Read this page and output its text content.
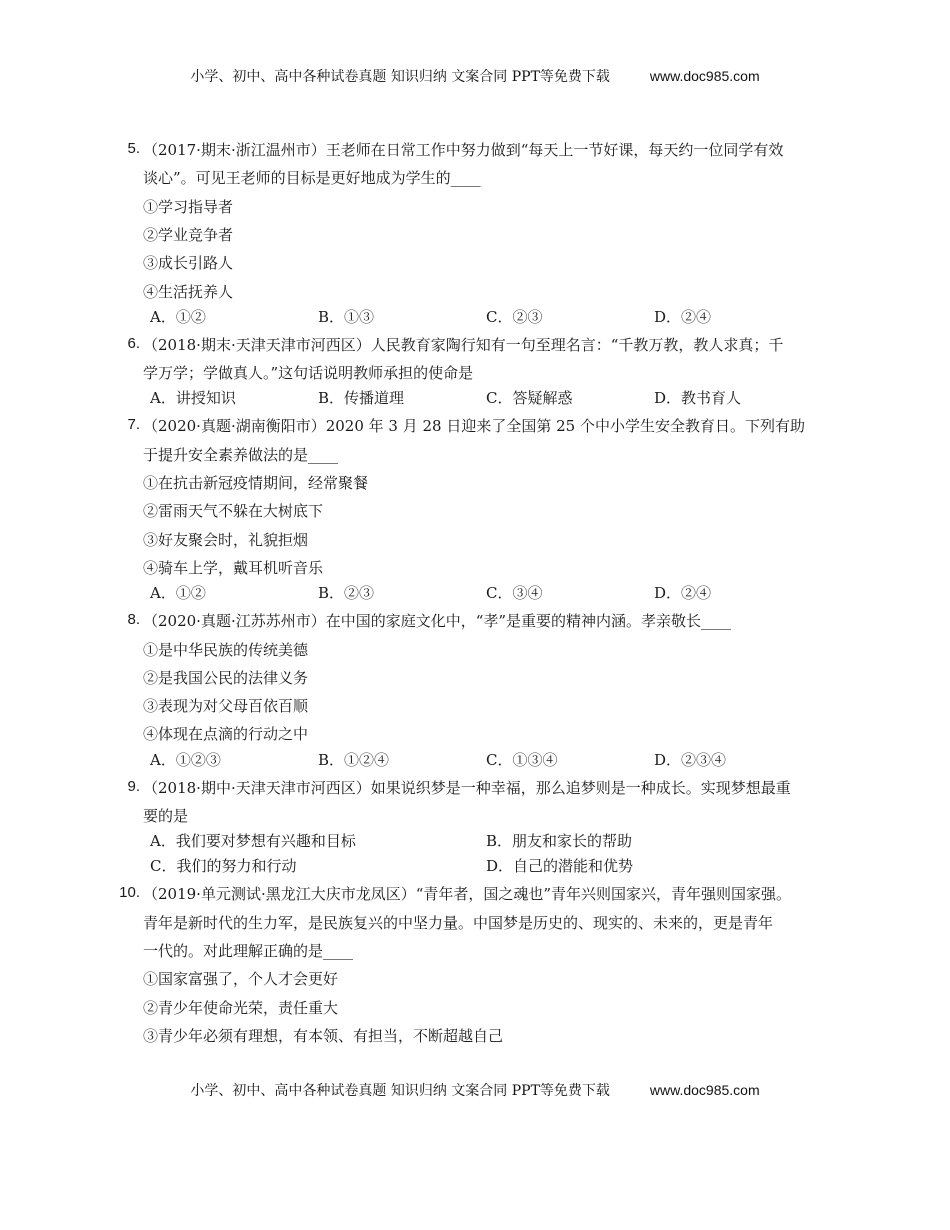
小学、初中、高中各种试卷真题 知识归纳 文案合同 PPT等免费下载	www.doc985.com
5. （2017·期末·浙江温州市）王老师在日常工作中努力做到“每天上一节好课，每天约一位同学有效
谈心”。可见王老师的目标是更好地成为学生的____
①学习指导者
②学业竞争者
③成长引路人
④生活抚养人
A．①②	B．①③	C．②③	D．②④
6. （2018·期末·天津天津市河西区）人民教育家陶行知有一句至理名言：“千教万教，教人求真；千
学万学；学做真人。”这句话说明教师承担的使命是
A．讲授知识	B．传播道理	C．答疑解惑	D．教书育人
7. （2020·真题·湖南衡阳市）2020 年 3 月 28 日迎来了全国第 25 个中小学生安全教育日。下列有助
于提升安全素养做法的是____
①在抗击新冠疫情期间，经常聚餐
②雷雨天气不躲在大树底下
③好友聚会时，礼貌拒烟
④骑车上学，戴耳机听音乐
A．①②	B．②③	C．③④	D．②④
8. （2020·真题·江苏苏州市）在中国的家庭文化中，“孝”是重要的精神内涵。孝亲敬长____
①是中华民族的传统美德
②是我国公民的法律义务
③表现为对父母百依百顺
④体现在点滴的行动之中
A．①②③	B．①②④	C．①③④	D．②③④
9. （2018·期中·天津天津市河西区）如果说织梦是一种幸福，那么追梦则是一种成长。实现梦想最重
要的是
A．我们要对梦想有兴趣和目标	B．朋友和家长的帮助
C．我们的努力和行动	D．自己的潜能和优势
10. （2019·单元测试·黑龙江大庆市龙凤区）“青年者，国之魂也”青年兴则国家兴，青年强则国家强。
青年是新时代的生力军，是民族复兴的中坚力量。中国梦是历史的、现实的、未来的，更是青年
一代的。对此理解正确的是____
①国家富强了，个人才会更好
②青少年使命光荣，责任重大
③青少年必须有理想，有本领、有担当，不断超越自己
小学、初中、高中各种试卷真题 知识归纳 文案合同 PPT等免费下载	www.doc985.com
